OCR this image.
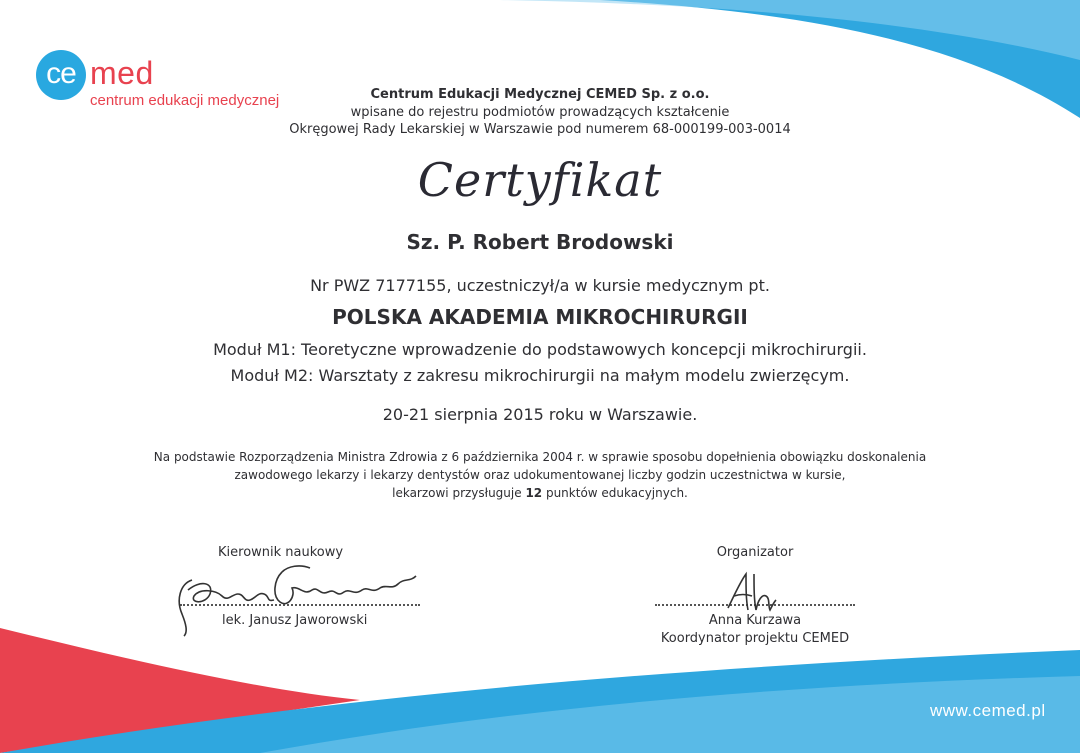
ce med
centrum edukacji medycznej	Centrum Edukacji Medycznej CEMED Sp. z o.o.
wpisane do rejestru podmiotów prowadzących kształcenie
Okręgowej Rady Lekarskiej w Warszawie pod numerem 68-000199-003-0014
Certyfikat
Sz. P. Robert Brodowski
Nr PWZ 7177155, uczestniczył/a w kursie medycznym pt.
POLSKA AKADEMIA MIKROCHIRURGII
Moduł M1: Teoretyczne wprowadzenie do podstawowych koncepcji mikrochirurgii.
Moduł M2: Warsztaty z zakresu mikrochirurgii na małym modelu zwierzęcym.
20-21 sierpnia 2015 roku w Warszawie.
Na podstawie Rozporządzenia Ministra Zdrowia z 6 października 2004 r. w sprawie sposobu dopełnienia obowiązku doskonalenia
zawodowego lekarzy i lekarzy dentystów oraz udokumentowanej liczby godzin uczestnictwa w kursie,
lekarzowi przysługuje 12 punktów edukacyjnych.
Kierownik naukowy
lek. Janusz Jaworowski
Organizator
Anna Kurzawa
Koordynator projektu CEMED
www.cemed.pl
